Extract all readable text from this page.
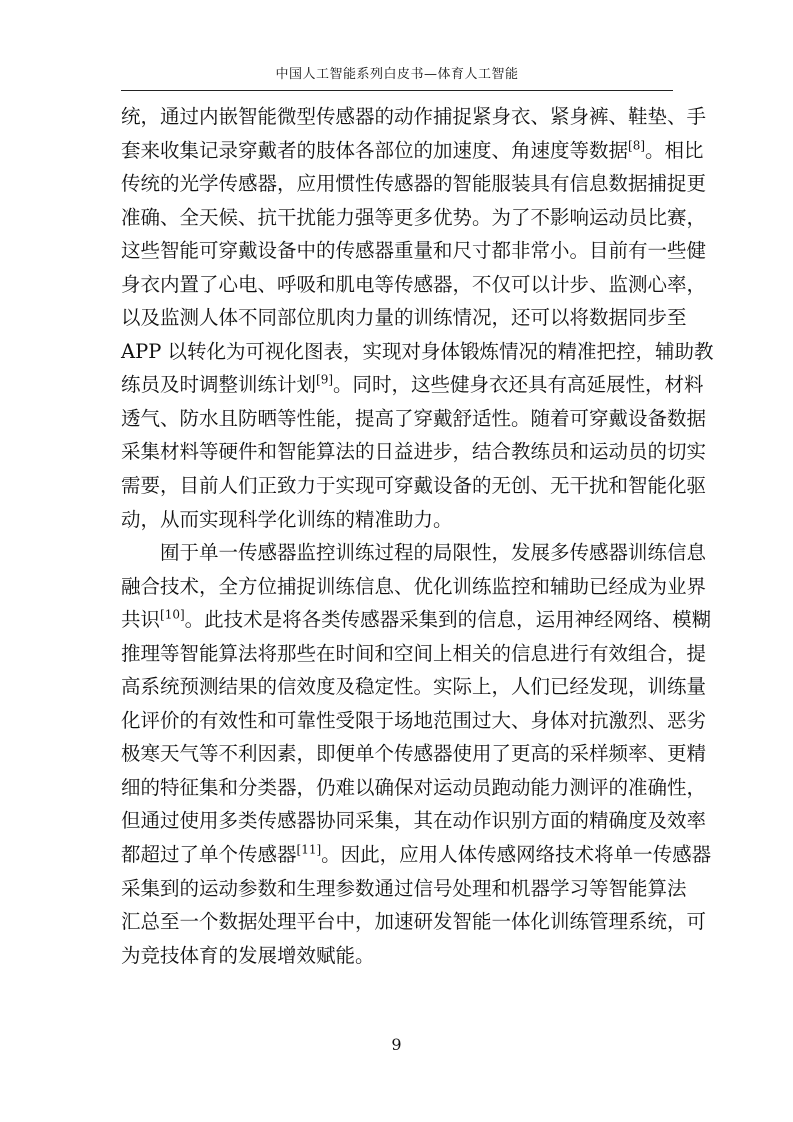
中国人工智能系列白皮书—体育人工智能
统，通过内嵌智能微型传感器的动作捕捉紧身衣、紧身裤、鞋垫、手
套来收集记录穿戴者的肢体各部位的加速度、角速度等数据[8]。相比
传统的光学传感器，应用惯性传感器的智能服装具有信息数据捕捉更
准确、全天候、抗干扰能力强等更多优势。为了不影响运动员比赛，
这些智能可穿戴设备中的传感器重量和尺寸都非常小。目前有一些健
身衣内置了心电、呼吸和肌电等传感器，不仅可以计步、监测心率，
以及监测人体不同部位肌肉力量的训练情况，还可以将数据同步至
APP 以转化为可视化图表，实现对身体锻炼情况的精准把控，辅助教
练员及时调整训练计划[9]。同时，这些健身衣还具有高延展性，材料
透气、防水且防晒等性能，提高了穿戴舒适性。随着可穿戴设备数据
采集材料等硬件和智能算法的日益进步，结合教练员和运动员的切实
需要，目前人们正致力于实现可穿戴设备的无创、无干扰和智能化驱
动，从而实现科学化训练的精准助力。
囿于单一传感器监控训练过程的局限性，发展多传感器训练信息
融合技术，全方位捕捉训练信息、优化训练监控和辅助已经成为业界
共识[10]。此技术是将各类传感器采集到的信息，运用神经网络、模糊
推理等智能算法将那些在时间和空间上相关的信息进行有效组合，提
高系统预测结果的信效度及稳定性。实际上，人们已经发现，训练量
化评价的有效性和可靠性受限于场地范围过大、身体对抗激烈、恶劣
极寒天气等不利因素，即便单个传感器使用了更高的采样频率、更精
细的特征集和分类器，仍难以确保对运动员跑动能力测评的准确性，
但通过使用多类传感器协同采集，其在动作识别方面的精确度及效率
都超过了单个传感器[11]。因此，应用人体传感网络技术将单一传感器
采集到的运动参数和生理参数通过信号处理和机器学习等智能算法
汇总至一个数据处理平台中，加速研发智能一体化训练管理系统，可
为竞技体育的发展增效赋能。
9
